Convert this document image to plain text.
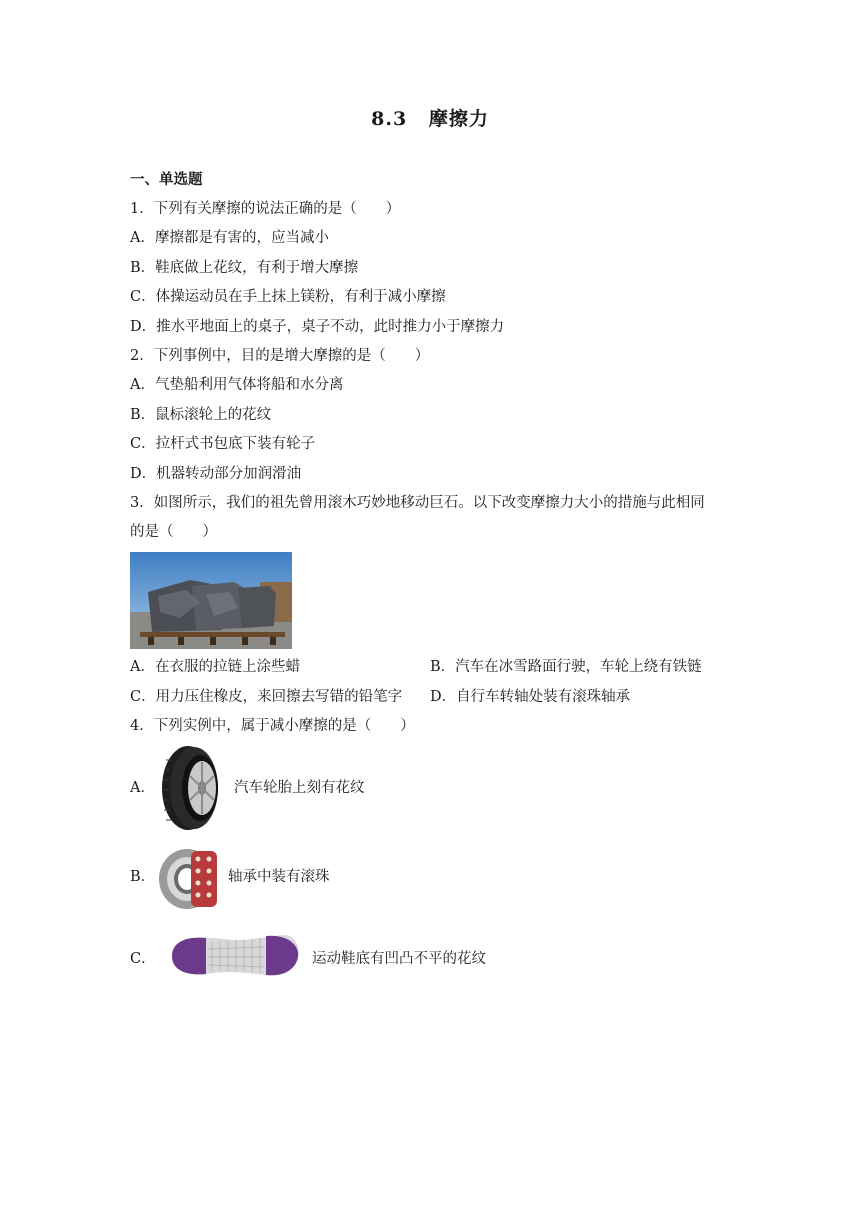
8.3 摩擦力
一、单选题
1．下列有关摩擦的说法正确的是（　　）
A．摩擦都是有害的，应当减小
B．鞋底做上花纹，有利于增大摩擦
C．体操运动员在手上抹上镁粉，有利于减小摩擦
D．推水平地面上的桌子，桌子不动，此时推力小于摩擦力
2．下列事例中，目的是增大摩擦的是（　　）
A．气垫船利用气体将船和水分离
B．鼠标滚轮上的花纹
C．拉杆式书包底下装有轮子
D．机器转动部分加润滑油
3．如图所示，我们的祖先曾用滚木巧妙地移动巨石。以下改变摩擦力大小的措施与此相同
的是（　　）
A．在衣服的拉链上涂些蜡	B．汽车在冰雪路面行驶，车轮上绕有铁链
C．用力压住橡皮，来回擦去写错的铅笔字 D．自行车转轴处装有滚珠轴承
4．下列实例中，属于减小摩擦的是（　　）
A．	汽车轮胎上刻有花纹
B．	轴承中装有滚珠
C．	运动鞋底有凹凸不平的花纹
